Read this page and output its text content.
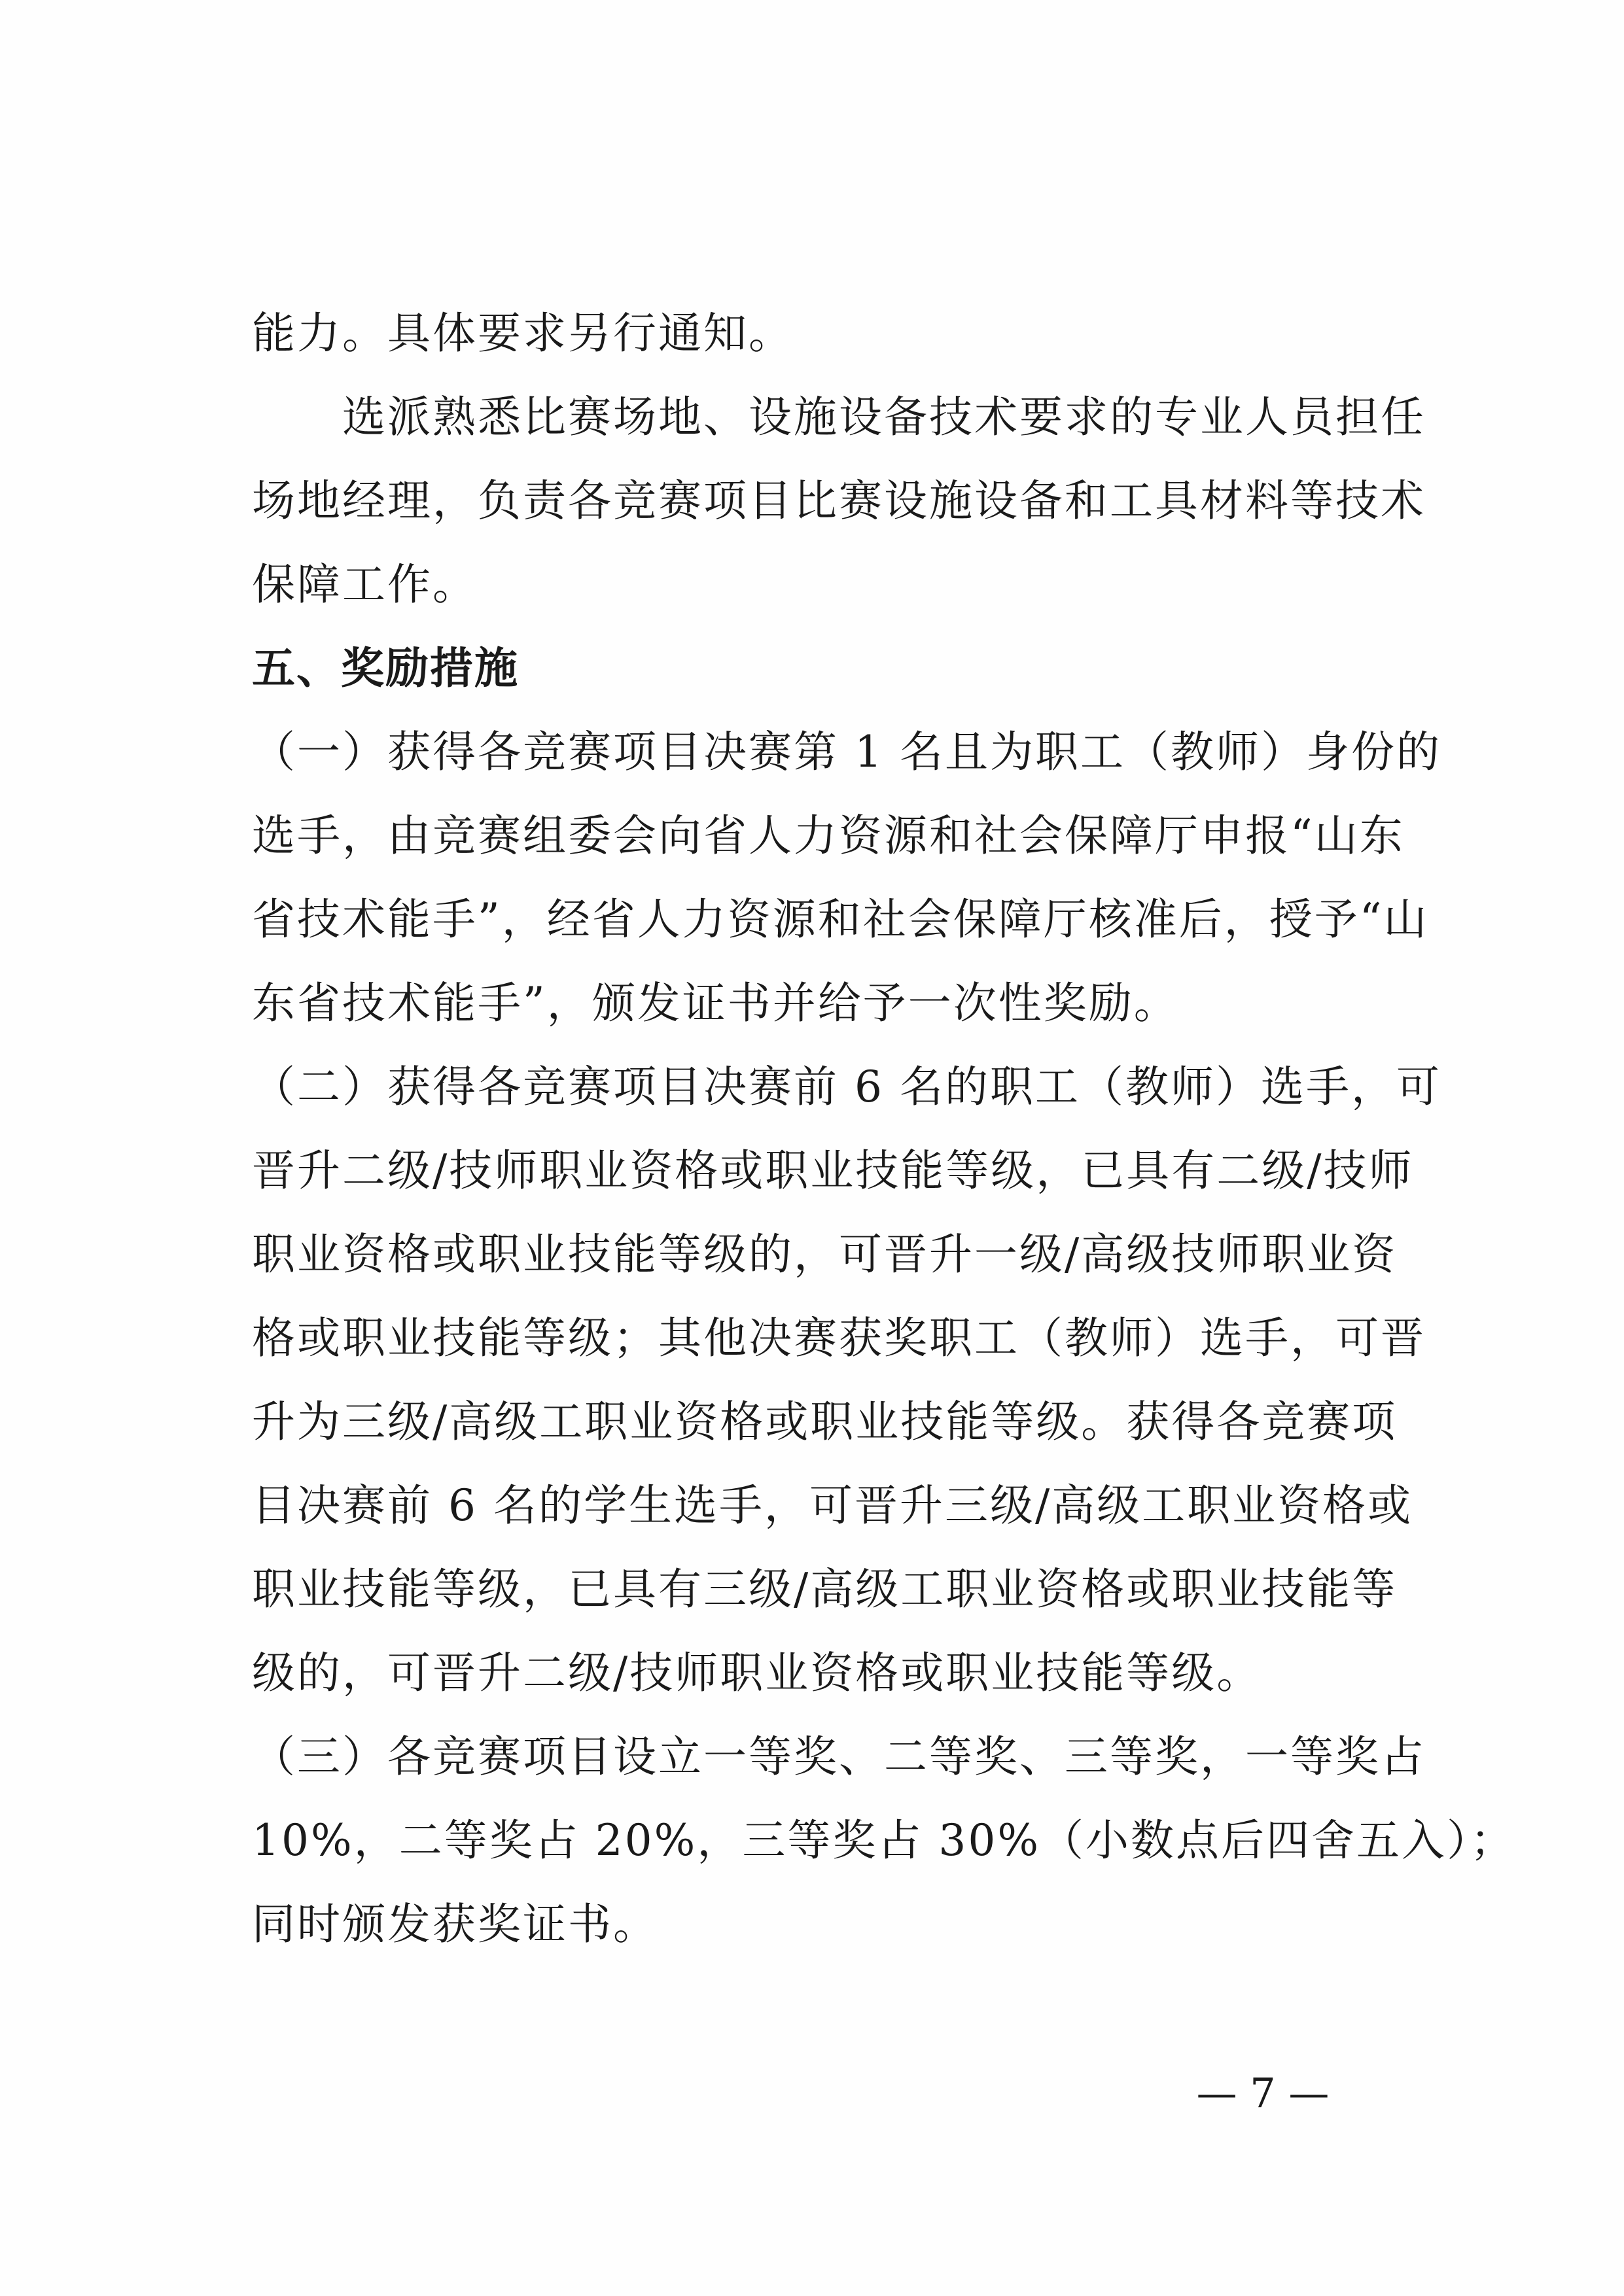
能力。具体要求另行通知。
　　选派熟悉比赛场地、设施设备技术要求的专业人员担任
场地经理，负责各竞赛项目比赛设施设备和工具材料等技术
保障工作。
五、奖励措施
（一）获得各竞赛项目决赛第 1 名且为职工（教师）身份的
选手，由竞赛组委会向省人力资源和社会保障厅申报“山东
省技术能手”，经省人力资源和社会保障厅核准后，授予“山
东省技术能手”，颁发证书并给予一次性奖励。
（二）获得各竞赛项目决赛前 6 名的职工（教师）选手，可
晋升二级/技师职业资格或职业技能等级，已具有二级/技师
职业资格或职业技能等级的，可晋升一级/高级技师职业资
格或职业技能等级；其他决赛获奖职工（教师）选手，可晋
升为三级/高级工职业资格或职业技能等级。获得各竞赛项
目决赛前 6 名的学生选手，可晋升三级/高级工职业资格或
职业技能等级，已具有三级/高级工职业资格或职业技能等
级的，可晋升二级/技师职业资格或职业技能等级。
（三）各竞赛项目设立一等奖、二等奖、三等奖，一等奖占
10%，二等奖占 20%，三等奖占 30%（小数点后四舍五入）；
同时颁发获奖证书。
— 7 —
